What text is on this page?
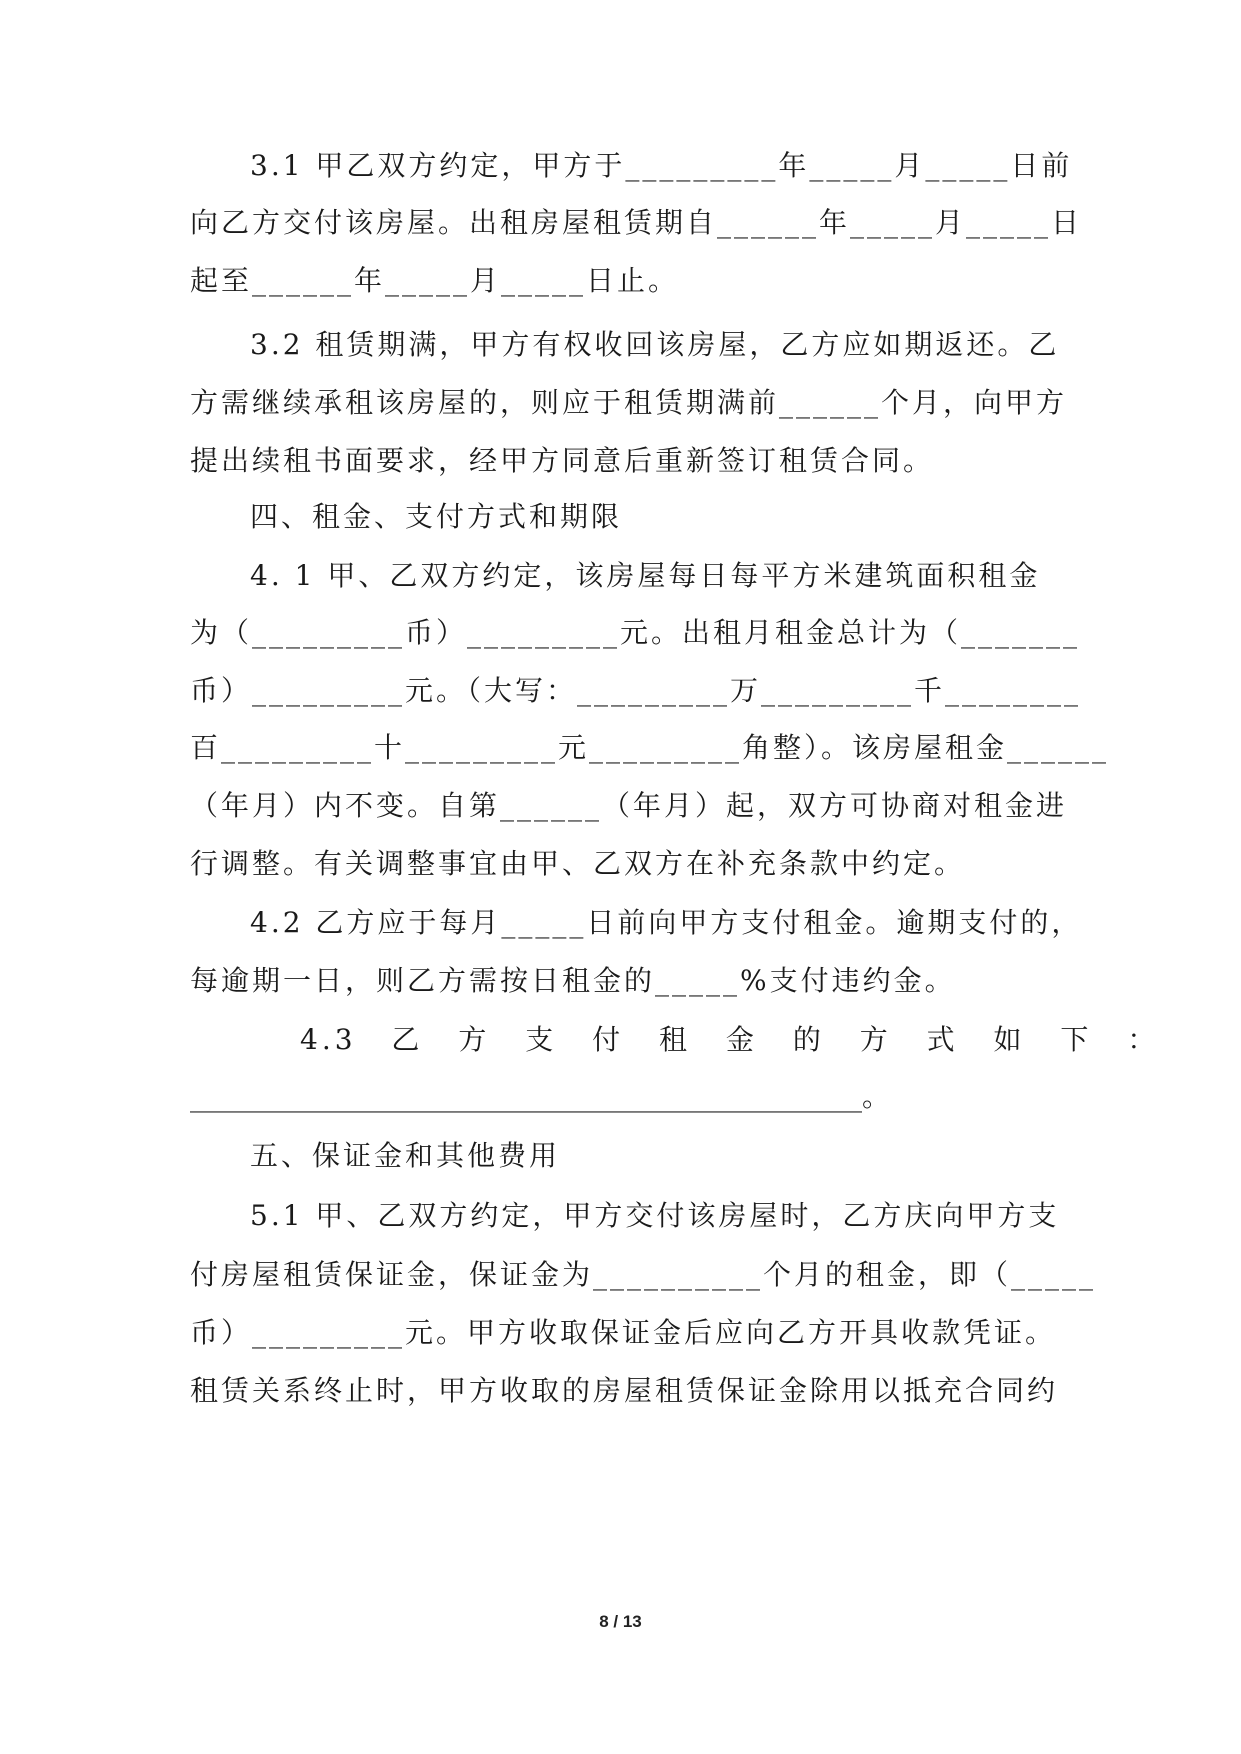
3.1 甲乙双方约定，甲方于_________年_____月_____日前
向乙方交付该房屋。出租房屋租赁期自______年_____月_____日
起至______年_____月_____日止。
3.2 租赁期满，甲方有权收回该房屋，乙方应如期返还。乙
方需继续承租该房屋的，则应于租赁期满前______个月，向甲方
提出续租书面要求，经甲方同意后重新签订租赁合同。
四、租金、支付方式和期限
4. 1 甲、乙双方约定，该房屋每日每平方米建筑面积租金
为（_________币）_________元。出租月租金总计为（_______
币）_________元。（大写：_________万_________千________
百_________十_________元_________角整）。该房屋租金______
（年月）内不变。自第______（年月）起，双方可协商对租金进
行调整。有关调整事宜由甲、乙双方在补充条款中约定。
4.2 乙方应于每月_____日前向甲方支付租金。逾期支付的，
每逾期一日，则乙方需按日租金的_____%支付违约金。
4.3 乙 方 支 付 租 金 的 方 式 如 下 ：
________________________________________________。
五、保证金和其他费用
5.1 甲、乙双方约定，甲方交付该房屋时，乙方庆向甲方支
付房屋租赁保证金，保证金为__________个月的租金，即（_____
币）_________元。甲方收取保证金后应向乙方开具收款凭证。
租赁关系终止时，甲方收取的房屋租赁保证金除用以抵充合同约
8 / 13
